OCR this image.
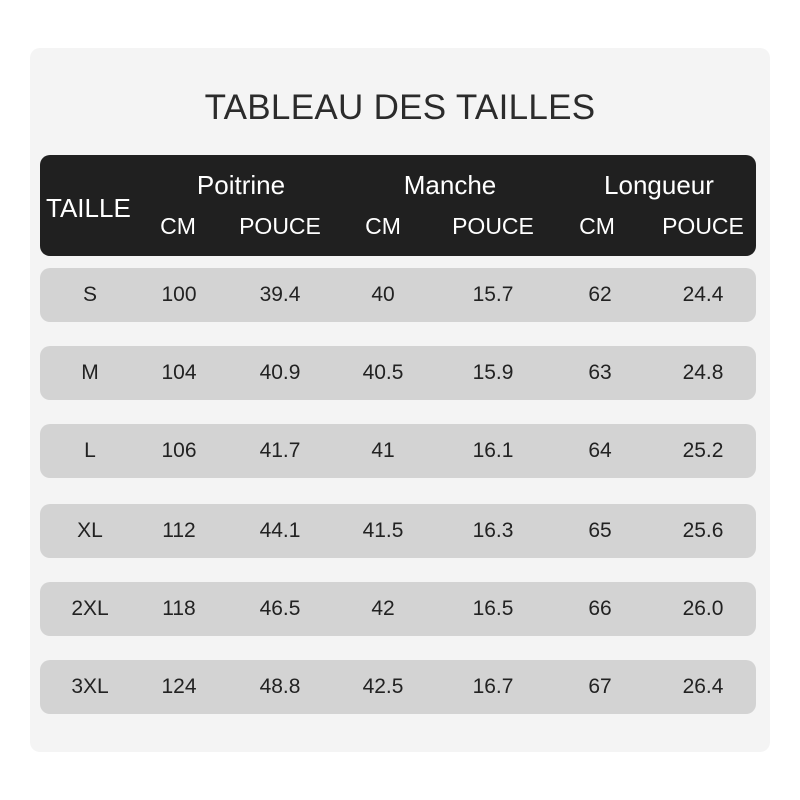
TABLEAU DES TAILLES
TAILLE
Poitrine	Manche	Longueur
CM	POUCE	CM	POUCE	CM	POUCE
S	100	39.4	40	15.7	62	24.4
M	104	40.9	40.5	15.9	63	24.8
L	106	41.7	41	16.1	64	25.2
XL	112	44.1	41.5	16.3	65	25.6
2XL	118	46.5	42	16.5	66	26.0
3XL	124	48.8	42.5	16.7	67	26.4
